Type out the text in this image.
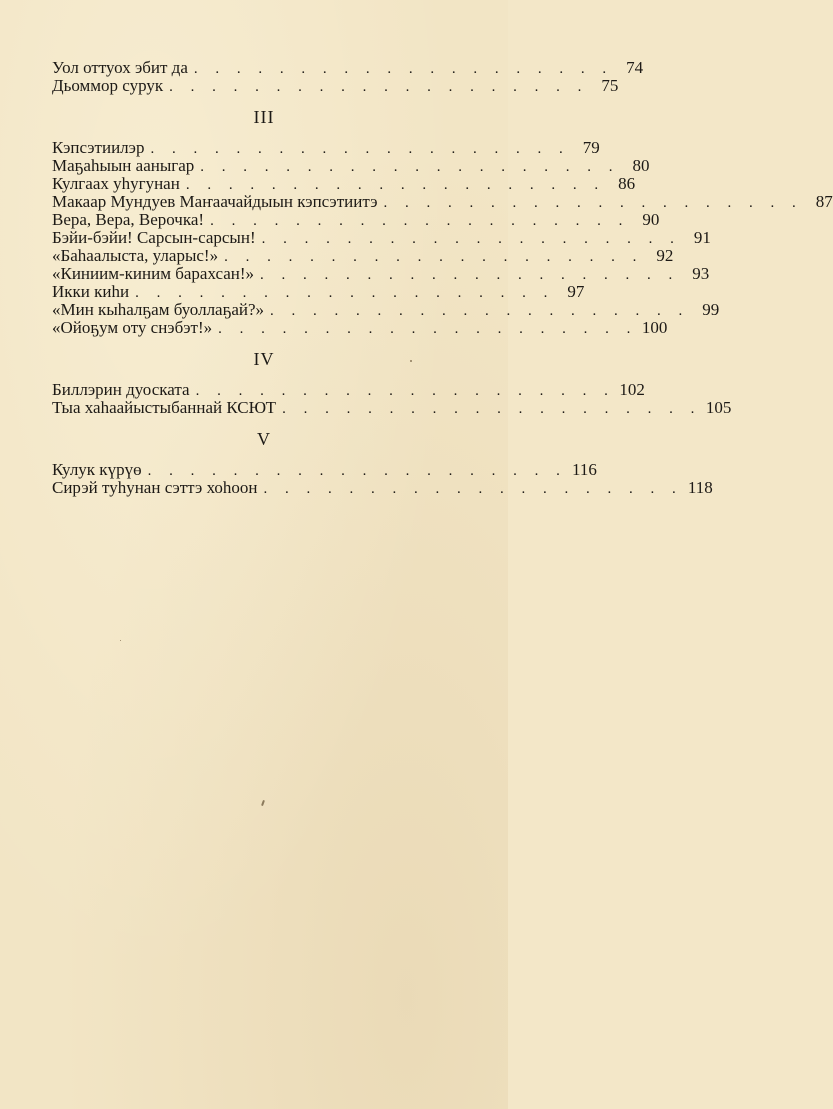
Уол оттуох эбит да . . . . . . . . . . . . . . . . . . . . 74
Дьоммор сурук . . . . . . . . . . . . . . . . . . . . 75
III
Кэпсэтиилэр . . . . . . . . . . . . . . . . . . . . 79
Маҕаһыын ааныгар . . . . . . . . . . . . . . . . . . . . 80
Кулгаах уһугунан . . . . . . . . . . . . . . . . . . . . 86
Макаар Мундуев Маҥаачайдыын кэпсэтиитэ . . . . . . . . . . . . . . . . . . . . 87
Вера, Вера, Верочка! . . . . . . . . . . . . . . . . . . . . 90
Бэйи-бэйи! Сарсын-сарсын! . . . . . . . . . . . . . . . . . . . . 91
«Баһаалыста, уларыс!» . . . . . . . . . . . . . . . . . . . . 92
«Киниим-киним барахсан!» . . . . . . . . . . . . . . . . . . . . 93
Икки киһи . . . . . . . . . . . . . . . . . . . . 97
«Мин кыһалҕам буоллаҕай?» . . . . . . . . . . . . . . . . . . . . 99
«Ойоҕум оту снэбэт!» . . . . . . . . . . . . . . . . . . . . 100
IV
Биллэрин дуоската . . . . . . . . . . . . . . . . . . . . 102
Тыа хаһаайыстыбаннай КСЮТ . . . . . . . . . . . . . . . . . . . . 105
V
Кулук күрүө . . . . . . . . . . . . . . . . . . . . 116
Сирэй туһунан сэттэ хоһоон . . . . . . . . . . . . . . . . . . . . 118
